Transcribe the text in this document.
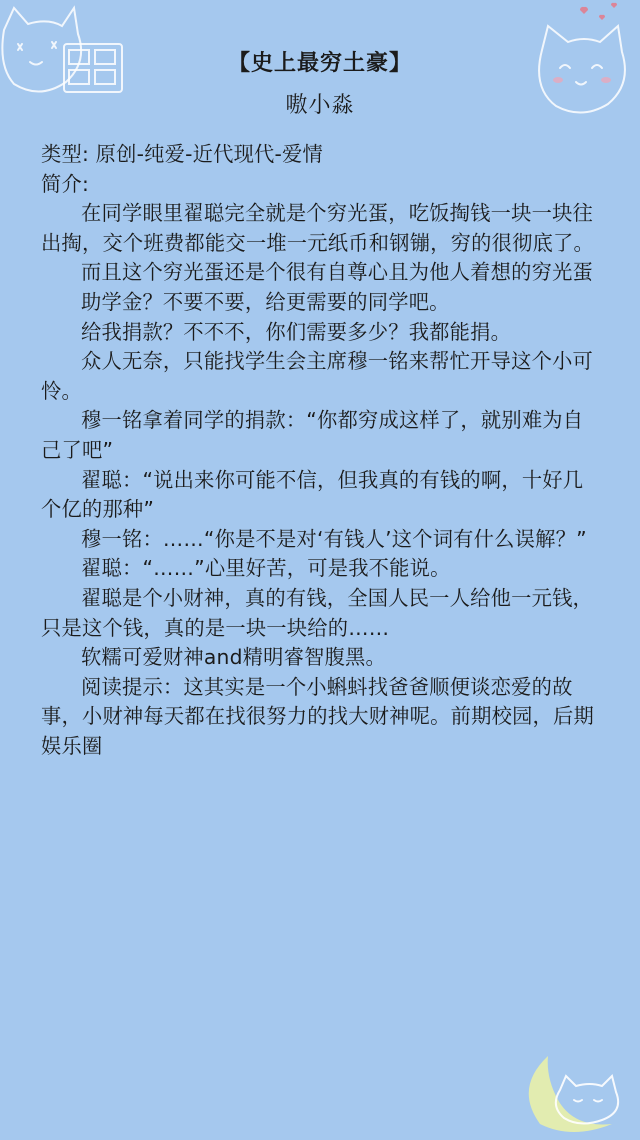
【史上最穷土豪】
嗷小淼

类型: 原创-纯爱-近代现代-爱情

简介:

在同学眼里翟聪完全就是个穷光蛋，吃饭掏钱一块一块往出掏，交个班费都能交一堆一元纸币和钢镚，穷的很彻底了。

而且这个穷光蛋还是个很有自尊心且为他人着想的穷光蛋

助学金？不要不要，给更需要的同学吧。

给我捐款？不不不，你们需要多少？我都能捐。

众人无奈，只能找学生会主席穆一铭来帮忙开导这个小可怜。

穆一铭拿着同学的捐款：“你都穷成这样了，就别难为自己了吧”

翟聪：“说出来你可能不信，但我真的有钱的啊，十好几个亿的那种”

穆一铭：……“你是不是对‘有钱人’这个词有什么误解？”

翟聪：“……”心里好苦，可是我不能说。

翟聪是个小财神，真的有钱，全国人民一人给他一元钱，只是这个钱，真的是一块一块给的……

软糯可爱财神and精明睿智腹黑。

阅读提示：这其实是一个小蝌蚪找爸爸顺便谈恋爱的故事，小财神每天都在找很努力的找大财神呢。前期校园，后期娱乐圈
